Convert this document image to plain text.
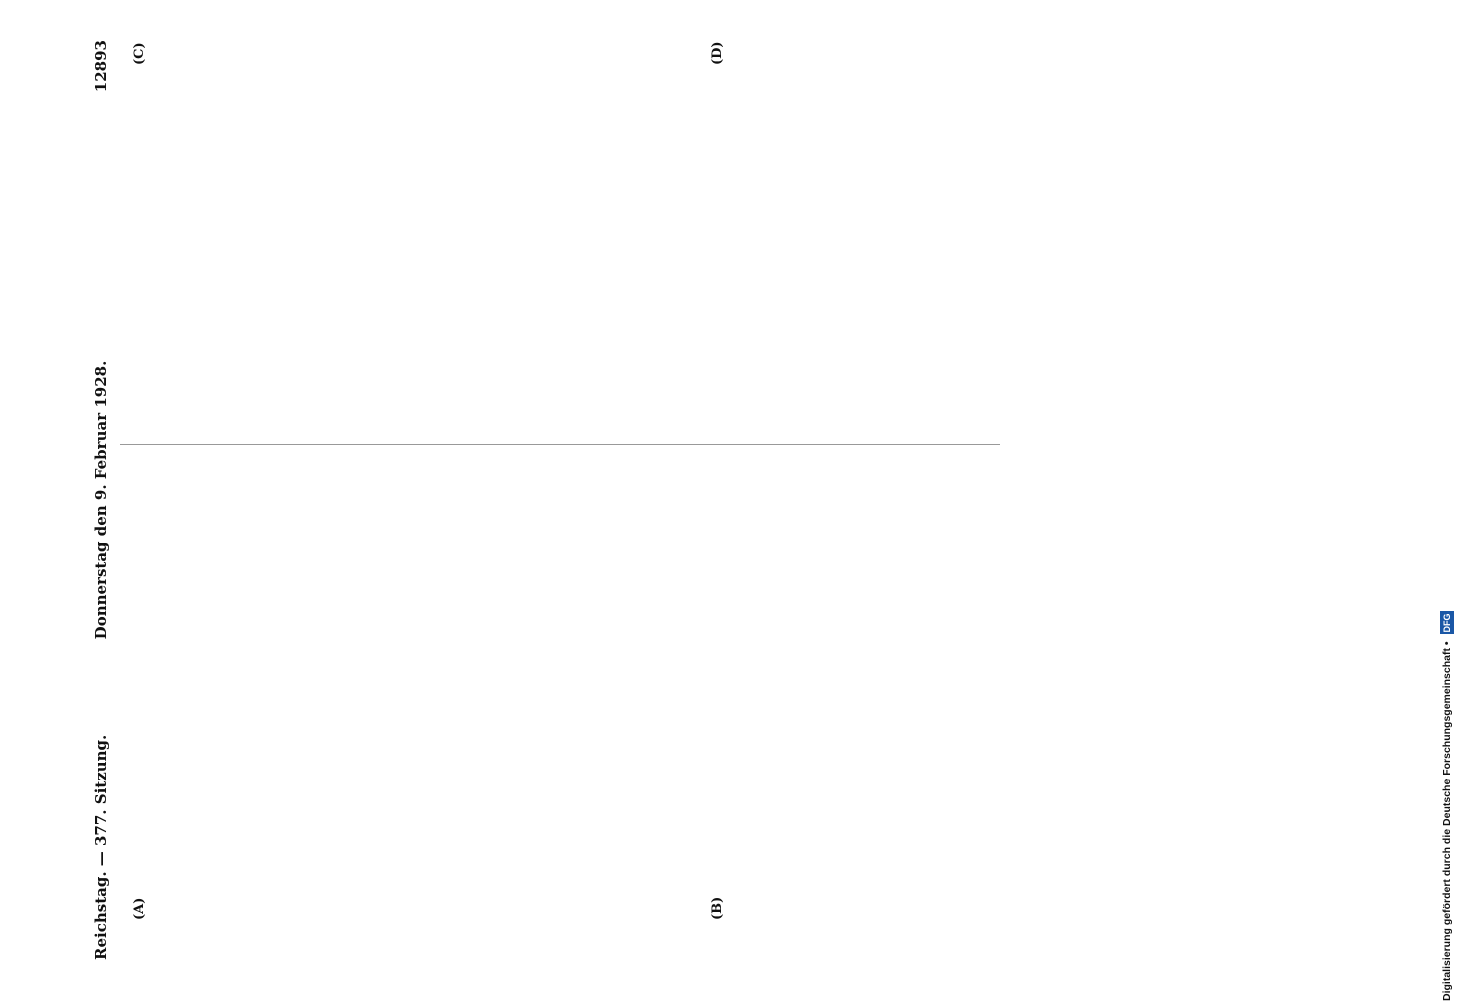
Reichstag. — 377. Sitzung.
Donnerstag den 9. Februar 1928.
12893
(A)	(B)
(C)	(D)

Digitalisierung gefördert durch die Deutsche Forschungsgemeinschaft • DFG
